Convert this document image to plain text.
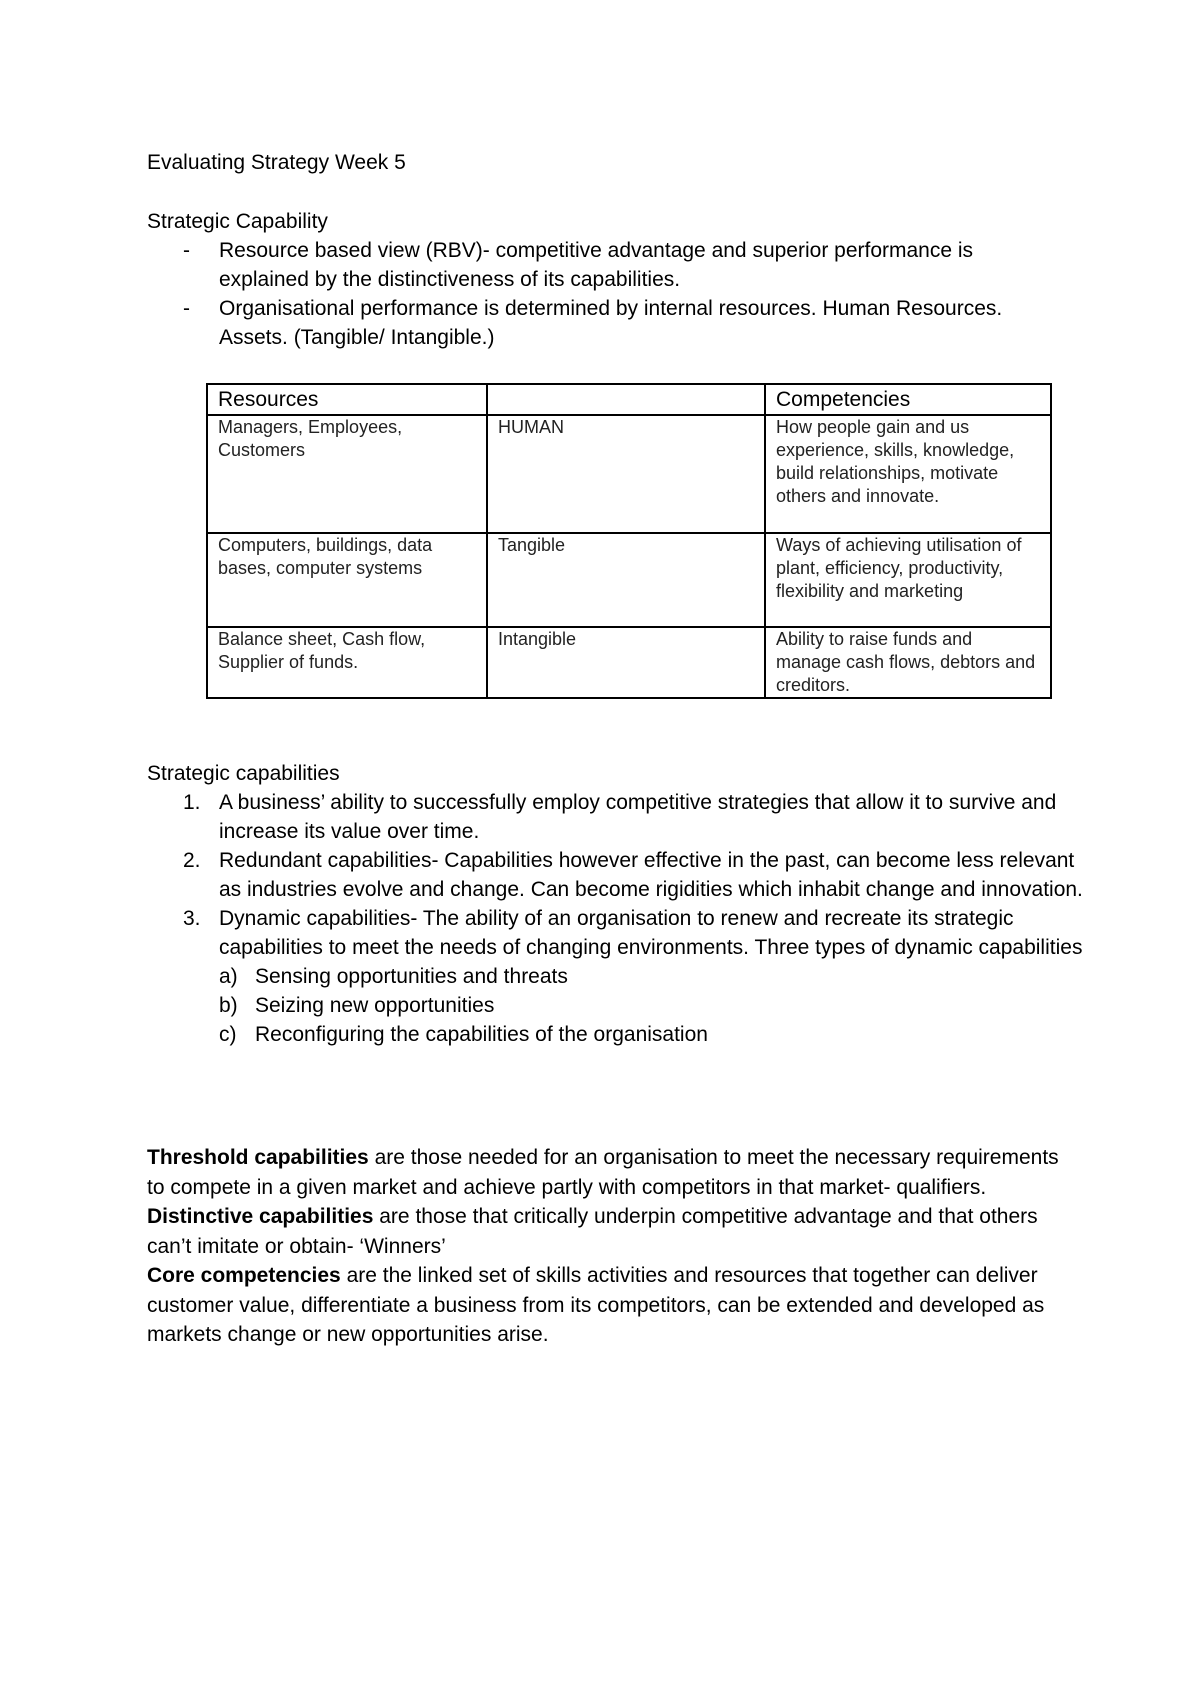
Evaluating Strategy Week 5
Strategic Capability
- Resource based view (RBV)- competitive advantage and superior performance is explained by the distinctiveness of its capabilities.
- Organisational performance is determined by internal resources. Human Resources. Assets. (Tangible/ Intangible.)
Resources		Competencies
Managers, Employees, Customers	HUMAN	How people gain and us experience, skills, knowledge, build relationships, motivate others and innovate.
Computers, buildings, data bases, computer systems	Tangible	Ways of achieving utilisation of plant, efficiency, productivity, flexibility and marketing
Balance sheet, Cash flow, Supplier of funds.	Intangible	Ability to raise funds and manage cash flows, debtors and creditors.
Strategic capabilities
1. A business’ ability to successfully employ competitive strategies that allow it to survive and increase its value over time.
2. Redundant capabilities- Capabilities however effective in the past, can become less relevant as industries evolve and change. Can become rigidities which inhabit change and innovation.
3. Dynamic capabilities- The ability of an organisation to renew and recreate its strategic capabilities to meet the needs of changing environments. Three types of dynamic capabilities
a) Sensing opportunities and threats
b) Seizing new opportunities
c) Reconfiguring the capabilities of the organisation

Threshold capabilities are those needed for an organisation to meet the necessary requirements to compete in a given market and achieve partly with competitors in that market- qualifiers.

Distinctive capabilities are those that critically underpin competitive advantage and that others can’t imitate or obtain- ‘Winners’

Core competencies are the linked set of skills activities and resources that together can deliver customer value, differentiate a business from its competitors, can be extended and developed as markets change or new opportunities arise.
